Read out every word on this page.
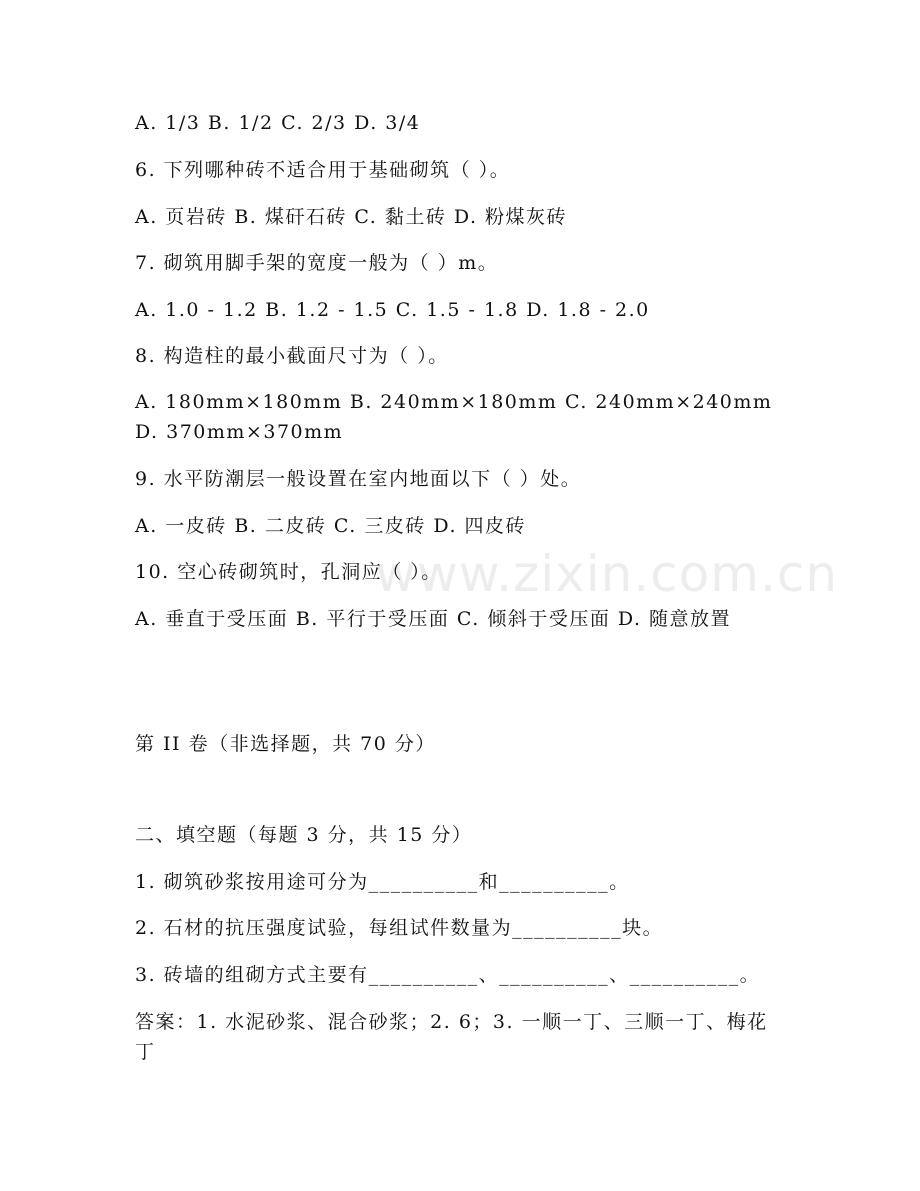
A. 1/3 B. 1/2 C. 2/3 D. 3/4
6. 下列哪种砖不适合用于基础砌筑（ ）。
A. 页岩砖 B. 煤矸石砖 C. 黏土砖 D. 粉煤灰砖
7. 砌筑用脚手架的宽度一般为（ ）m。
A. 1.0 - 1.2 B. 1.2 - 1.5 C. 1.5 - 1.8 D. 1.8 - 2.0
8. 构造柱的最小截面尺寸为（ ）。
A. 180mm×180mm B. 240mm×180mm C. 240mm×240mm D. 370mm×370mm
9. 水平防潮层一般设置在室内地面以下（ ）处。
A. 一皮砖 B. 二皮砖 C. 三皮砖 D. 四皮砖
10. 空心砖砌筑时，孔洞应（ ）。
A. 垂直于受压面 B. 平行于受压面 C. 倾斜于受压面 D. 随意放置
第 II 卷（非选择题，共 70 分）
二、填空题（每题 3 分，共 15 分）
1. 砌筑砂浆按用途可分为__________和__________。
2. 石材的抗压强度试验，每组试件数量为__________块。
3. 砖墙的组砌方式主要有__________、__________、__________。
答案：1. 水泥砂浆、混合砂浆；2. 6；3. 一顺一丁、三顺一丁、梅花丁
www.zixin.com.cn
